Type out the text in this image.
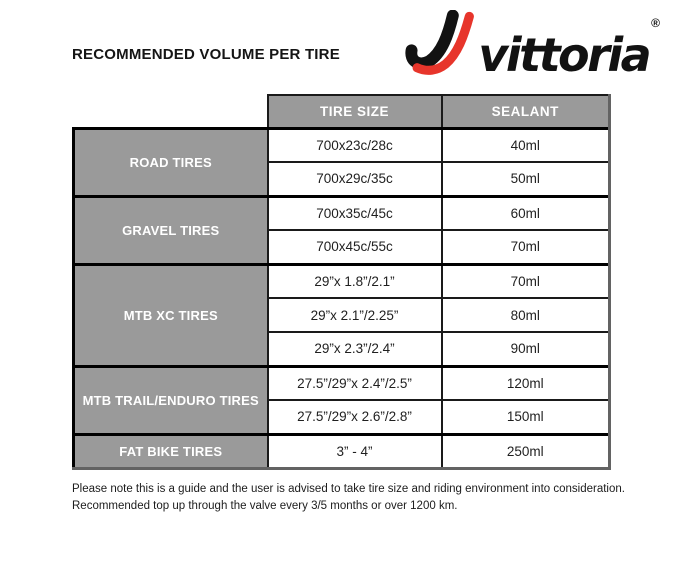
RECOMMENDED VOLUME PER TIRE	vittoria
®
	TIRE SIZE	SEALANT
ROAD TIRES	700x23c/28c	40ml
	700x29c/35c	50ml
GRAVEL TIRES	700x35c/45c	60ml
	700x45c/55c	70ml
MTB XC TIRES	29”x 1.8”/2.1”	70ml
	29”x 2.1”/2.25”	80ml
	29”x 2.3”/2.4”	90ml
MTB TRAIL/ENDURO TIRES	27.5”/29”x 2.4”/2.5”	120ml
	27.5”/29”x 2.6”/2.8”	150ml
FAT BIKE TIRES	3” - 4”	250ml
Please note this is a guide and the user is advised to take tire size and riding environment into consideration.
Recommended top up through the valve every 3/5 months or over 1200 km.
